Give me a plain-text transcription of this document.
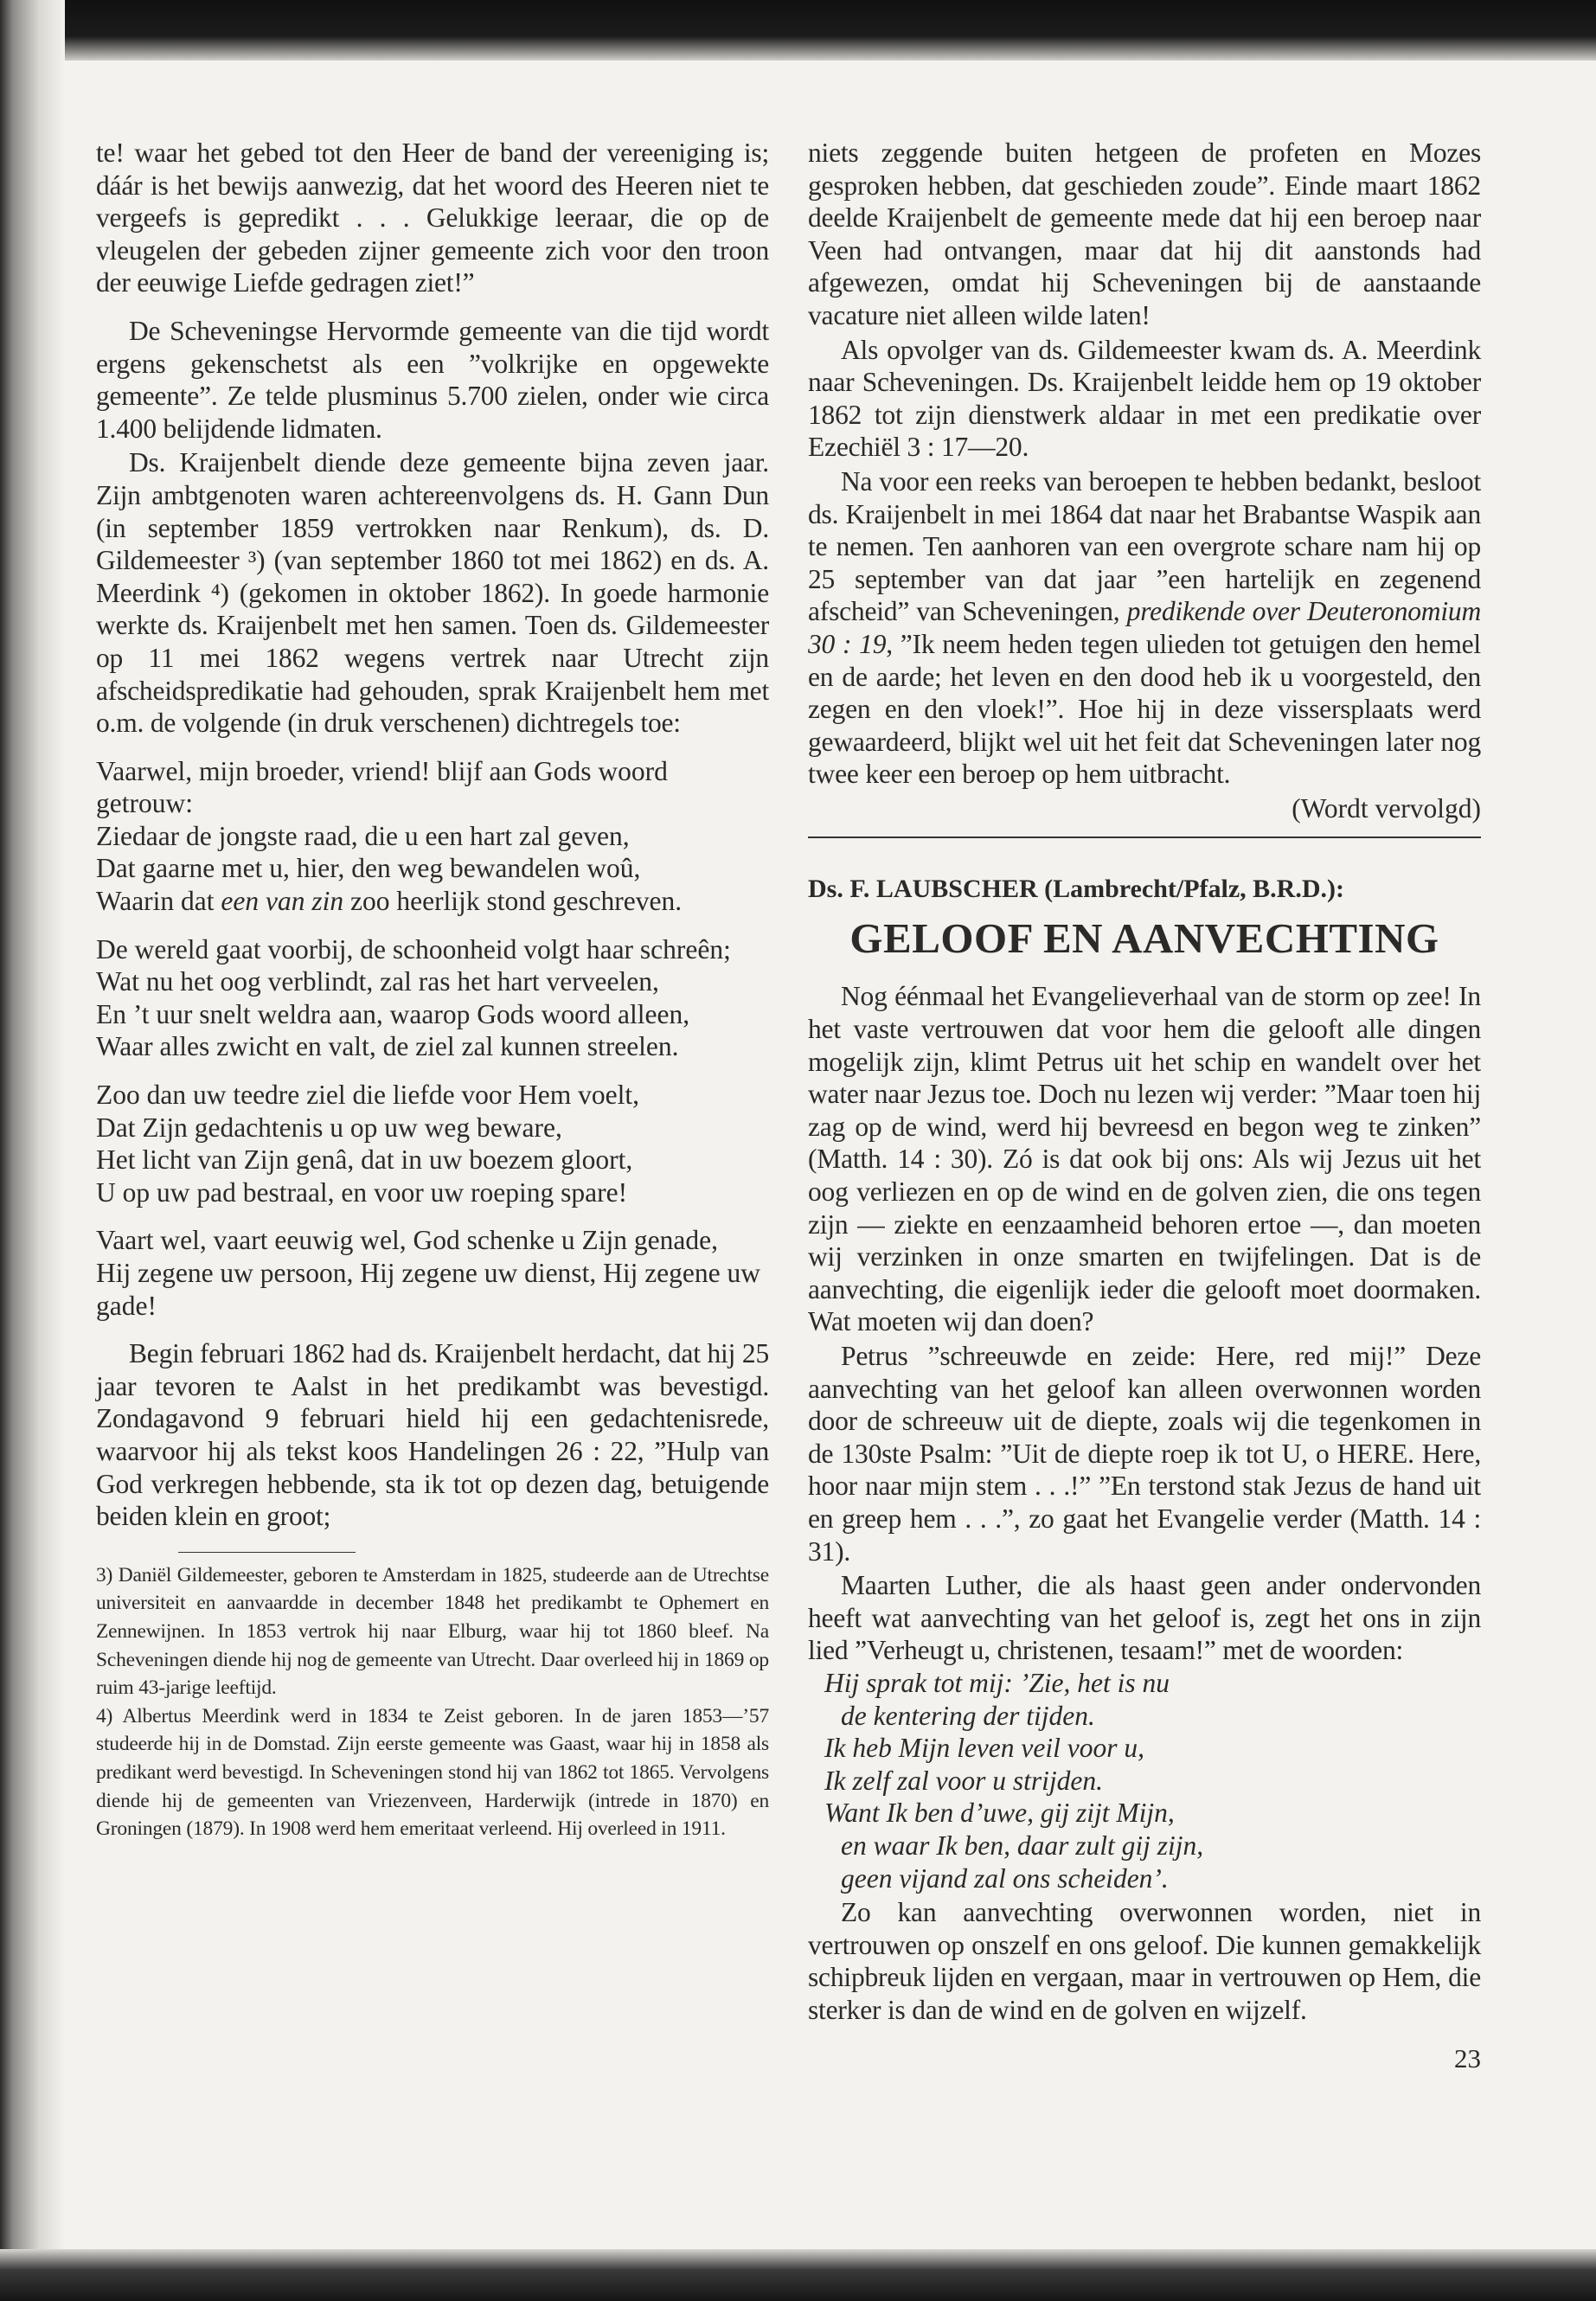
te! waar het gebed tot den Heer de band der vereeniging is; dáár is het bewijs aanwezig, dat het woord des Heeren niet te vergeefs is gepredikt . . . Gelukkige leeraar, die op de vleugelen der gebeden zijner gemeente zich voor den troon der eeuwige Liefde gedragen ziet!”

De Scheveningse Hervormde gemeente van die tijd wordt ergens gekenschetst als een ”volkrijke en opgewekte gemeente”. Ze telde plusminus 5.700 zielen, onder wie circa 1.400 belijdende lidmaten.

Ds. Kraijenbelt diende deze gemeente bijna zeven jaar. Zijn ambtgenoten waren achtereenvolgens ds. H. Gann Dun (in september 1859 vertrokken naar Renkum), ds. D. Gildemeester ³) (van september 1860 tot mei 1862) en ds. A. Meerdink ⁴) (gekomen in oktober 1862). In goede harmonie werkte ds. Kraijenbelt met hen samen. Toen ds. Gildemeester op 11 mei 1862 wegens vertrek naar Utrecht zijn afscheidspredikatie had gehouden, sprak Kraijenbelt hem met o.m. de volgende (in druk verschenen) dichtregels toe:

Vaarwel, mijn broeder, vriend! blijf aan Gods woord getrouw:
Ziedaar de jongste raad, die u een hart zal geven,
Dat gaarne met u, hier, den weg bewandelen woû,
Waarin dat een van zin zoo heerlijk stond geschreven.
De wereld gaat voorbij, de schoonheid volgt haar schreên;
Wat nu het oog verblindt, zal ras het hart verveelen,
En ’t uur snelt weldra aan, waarop Gods woord alleen,
Waar alles zwicht en valt, de ziel zal kunnen streelen.
Zoo dan uw teedre ziel die liefde voor Hem voelt,
Dat Zijn gedachtenis u op uw weg beware,
Het licht van Zijn genâ, dat in uw boezem gloort,
U op uw pad bestraal, en voor uw roeping spare!
Vaart wel, vaart eeuwig wel, God schenke u Zijn genade,
Hij zegene uw persoon, Hij zegene uw dienst, Hij zegene uw gade!

Begin februari 1862 had ds. Kraijenbelt herdacht, dat hij 25 jaar tevoren te Aalst in het predikambt was bevestigd. Zondagavond 9 februari hield hij een gedachtenisrede, waarvoor hij als tekst koos Handelingen 26 : 22, ”Hulp van God verkregen hebbende, sta ik tot op dezen dag, betuigende beiden klein en groot;

3) Daniël Gildemeester, geboren te Amsterdam in 1825, studeerde aan de Utrechtse universiteit en aanvaardde in december 1848 het predikambt te Ophemert en Zennewijnen. In 1853 vertrok hij naar Elburg, waar hij tot 1860 bleef. Na Scheveningen diende hij nog de gemeente van Utrecht. Daar overleed hij in 1869 op ruim 43-jarige leeftijd.

4) Albertus Meerdink werd in 1834 te Zeist geboren. In de jaren 1853—’57 studeerde hij in de Domstad. Zijn eerste gemeente was Gaast, waar hij in 1858 als predikant werd bevestigd. In Scheveningen stond hij van 1862 tot 1865. Vervolgens diende hij de gemeenten van Vriezenveen, Harderwijk (intrede in 1870) en Groningen (1879). In 1908 werd hem emeritaat verleend. Hij overleed in 1911.

niets zeggende buiten hetgeen de profeten en Mozes gesproken hebben, dat geschieden zoude”. Einde maart 1862 deelde Kraijenbelt de gemeente mede dat hij een beroep naar Veen had ontvangen, maar dat hij dit aanstonds had afgewezen, omdat hij Scheveningen bij de aanstaande vacature niet alleen wilde laten!

Als opvolger van ds. Gildemeester kwam ds. A. Meerdink naar Scheveningen. Ds. Kraijenbelt leidde hem op 19 oktober 1862 tot zijn dienstwerk aldaar in met een predikatie over Ezechiël 3 : 17—20.

Na voor een reeks van beroepen te hebben bedankt, besloot ds. Kraijenbelt in mei 1864 dat naar het Brabantse Waspik aan te nemen. Ten aanhoren van een overgrote schare nam hij op 25 september van dat jaar ”een hartelijk en zegenend afscheid” van Scheveningen, predikende over Deuteronomium 30 : 19, ”Ik neem heden tegen ulieden tot getuigen den hemel en de aarde; het leven en den dood heb ik u voorgesteld, den zegen en den vloek!”. Hoe hij in deze vissersplaats werd gewaardeerd, blijkt wel uit het feit dat Scheveningen later nog twee keer een beroep op hem uitbracht.

(Wordt vervolgd)
Ds. F. LAUBSCHER (Lambrecht/Pfalz, B.R.D.):
GELOOF EN AANVECHTING

Nog éénmaal het Evangelieverhaal van de storm op zee! In het vaste vertrouwen dat voor hem die gelooft alle dingen mogelijk zijn, klimt Petrus uit het schip en wandelt over het water naar Jezus toe. Doch nu lezen wij verder: ”Maar toen hij zag op de wind, werd hij bevreesd en begon weg te zinken” (Matth. 14 : 30). Zó is dat ook bij ons: Als wij Jezus uit het oog verliezen en op de wind en de golven zien, die ons tegen zijn — ziekte en eenzaamheid behoren ertoe —, dan moeten wij verzinken in onze smarten en twijfelingen. Dat is de aanvechting, die eigenlijk ieder die gelooft moet doormaken. Wat moeten wij dan doen?

Petrus ”schreeuwde en zeide: Here, red mij!” Deze aanvechting van het geloof kan alleen overwonnen worden door de schreeuw uit de diepte, zoals wij die tegenkomen in de 130ste Psalm: ”Uit de diepte roep ik tot U, o HERE. Here, hoor naar mijn stem . . .!” ”En terstond stak Jezus de hand uit en greep hem . . .”, zo gaat het Evangelie verder (Matth. 14 : 31).

Maarten Luther, die als haast geen ander ondervonden heeft wat aanvechting van het geloof is, zegt het ons in zijn lied ”Verheugt u, christenen, tesaam!” met de woorden:

Hij sprak tot mij: ’Zie, het is nu
de kentering der tijden.
Ik heb Mijn leven veil voor u,
Ik zelf zal voor u strijden.
Want Ik ben d’uwe, gij zijt Mijn,
en waar Ik ben, daar zult gij zijn,
geen vijand zal ons scheiden’.

Zo kan aanvechting overwonnen worden, niet in vertrouwen op onszelf en ons geloof. Die kunnen gemakkelijk schipbreuk lijden en vergaan, maar in vertrouwen op Hem, die sterker is dan de wind en de golven en wijzelf.

23
